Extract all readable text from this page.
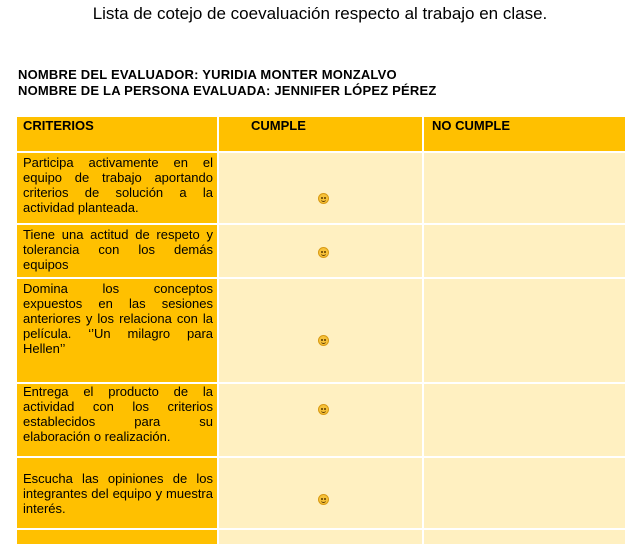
Lista de cotejo de coevaluación respecto al trabajo en clase.
NOMBRE DEL EVALUADOR: YURIDIA MONTER MONZALVO
NOMBRE DE LA PERSONA EVALUADA: JENNIFER LÓPEZ PÉREZ
CRITERIOS	CUMPLE	NO CUMPLE
Participa activamente en el equipo de trabajo aportando criterios de solución a la actividad planteada.
Tiene una actitud de respeto y tolerancia con los demás equipos
Domina los conceptos expuestos en las sesiones anteriores y los relaciona con la película. ‘’Un milagro para Hellen’’
Entrega el producto de la actividad con los criterios establecidos para su elaboración o realización.
Escucha las opiniones de los integrantes del equipo y muestra interés.
